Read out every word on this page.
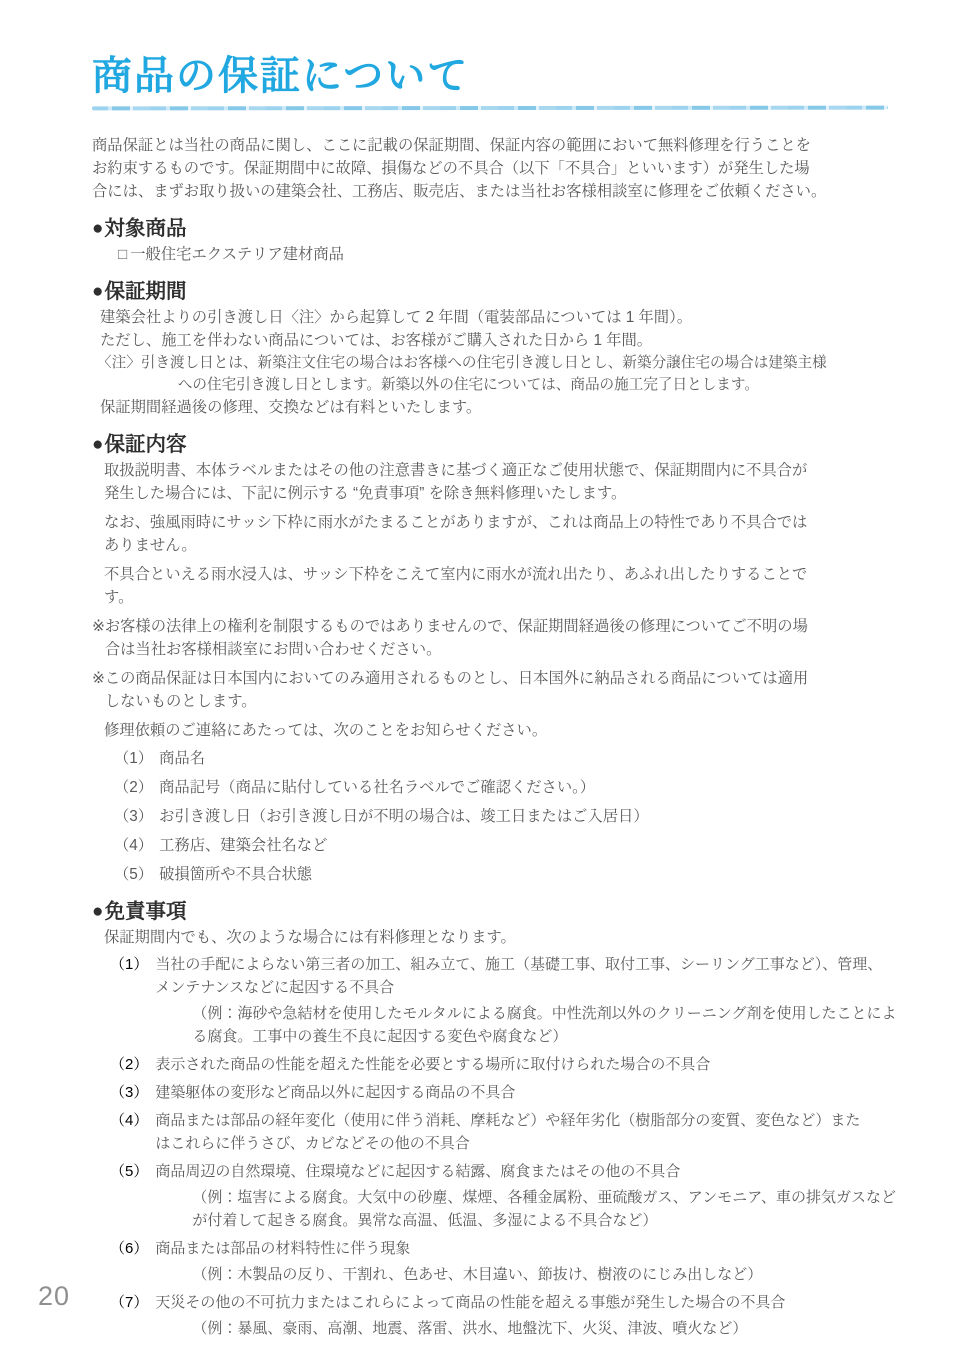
商品の保証について
商品保証とは当社の商品に関し、ここに記載の保証期間、保証内容の範囲において無料修理を行うことを
お約束するものです。保証期間中に故障、損傷などの不具合（以下「不具合」といいます）が発生した場
合には、まずお取り扱いの建築会社、工務店、販売店、または当社お客様相談室に修理をご依頼ください。
● 対象商品
□ 一般住宅エクステリア建材商品
● 保証期間
建築会社よりの引き渡し日〈注〉から起算して 2 年間（電装部品については 1 年間）。
ただし、施工を伴わない商品については、お客様がご購入された日から 1 年間。
〈注〉 引き渡し日とは、新築注文住宅の場合はお客様への住宅引き渡し日とし、新築分譲住宅の場合は建築主様
への住宅引き渡し日とします。新築以外の住宅については、商品の施工完了日とします。
保証期間経過後の修理、交換などは有料といたします。
● 保証内容
取扱説明書、本体ラベルまたはその他の注意書きに基づく適正なご使用状態で、保証期間内に不具合が
発生した場合には、下記に例示する “免責事項” を除き無料修理いたします。
なお、強風雨時にサッシ下枠に雨水がたまることがありますが、これは商品上の特性であり不具合では
ありません。
不具合といえる雨水浸入は、サッシ下枠をこえて室内に雨水が流れ出たり、あふれ出したりすることで
す。
※ お客様の法律上の権利を制限するものではありませんので、保証期間経過後の修理についてご不明の場
合は当社お客様相談室にお問い合わせください。
※ この商品保証は日本国内においてのみ適用されるものとし、日本国外に納品される商品については適用
しないものとします。
修理依頼のご連絡にあたっては、次のことをお知らせください。
（1） 商品名
（2） 商品記号（商品に貼付している社名ラベルでご確認ください。）
（3） お引き渡し日（お引き渡し日が不明の場合は、竣工日またはご入居日）
（4） 工務店、建築会社名など
（5） 破損箇所や不具合状態
● 免責事項
保証期間内でも、次のような場合には有料修理となります。
（1） 当社の手配によらない第三者の加工、組み立て、施工（基礎工事、取付工事、シーリング工事など）、管理、
メンテナンスなどに起因する不具合
（例：海砂や急結材を使用したモルタルによる腐食。中性洗剤以外のクリーニング剤を使用したことによ
る腐食。工事中の養生不良に起因する変色や腐食など）
（2） 表示された商品の性能を超えた性能を必要とする場所に取付けられた場合の不具合
（3） 建築躯体の変形など商品以外に起因する商品の不具合
（4） 商品または部品の経年変化（使用に伴う消耗、摩耗など）や経年劣化（樹脂部分の変質、変色など）また
はこれらに伴うさび、カビなどその他の不具合
（5） 商品周辺の自然環境、住環境などに起因する結露、腐食またはその他の不具合
（例：塩害による腐食。大気中の砂塵、煤煙、各種金属粉、亜硫酸ガス、アンモニア、車の排気ガスなど
が付着して起きる腐食。異常な高温、低温、多湿による不具合など）
（6） 商品または部品の材料特性に伴う現象
（例：木製品の反り、干割れ、色あせ、木目違い、節抜け、樹液のにじみ出しなど）
（7） 天災その他の不可抗力またはこれらによって商品の性能を超える事態が発生した場合の不具合
（例：暴風、豪雨、高潮、地震、落雷、洪水、地盤沈下、火災、津波、噴火など）
20
